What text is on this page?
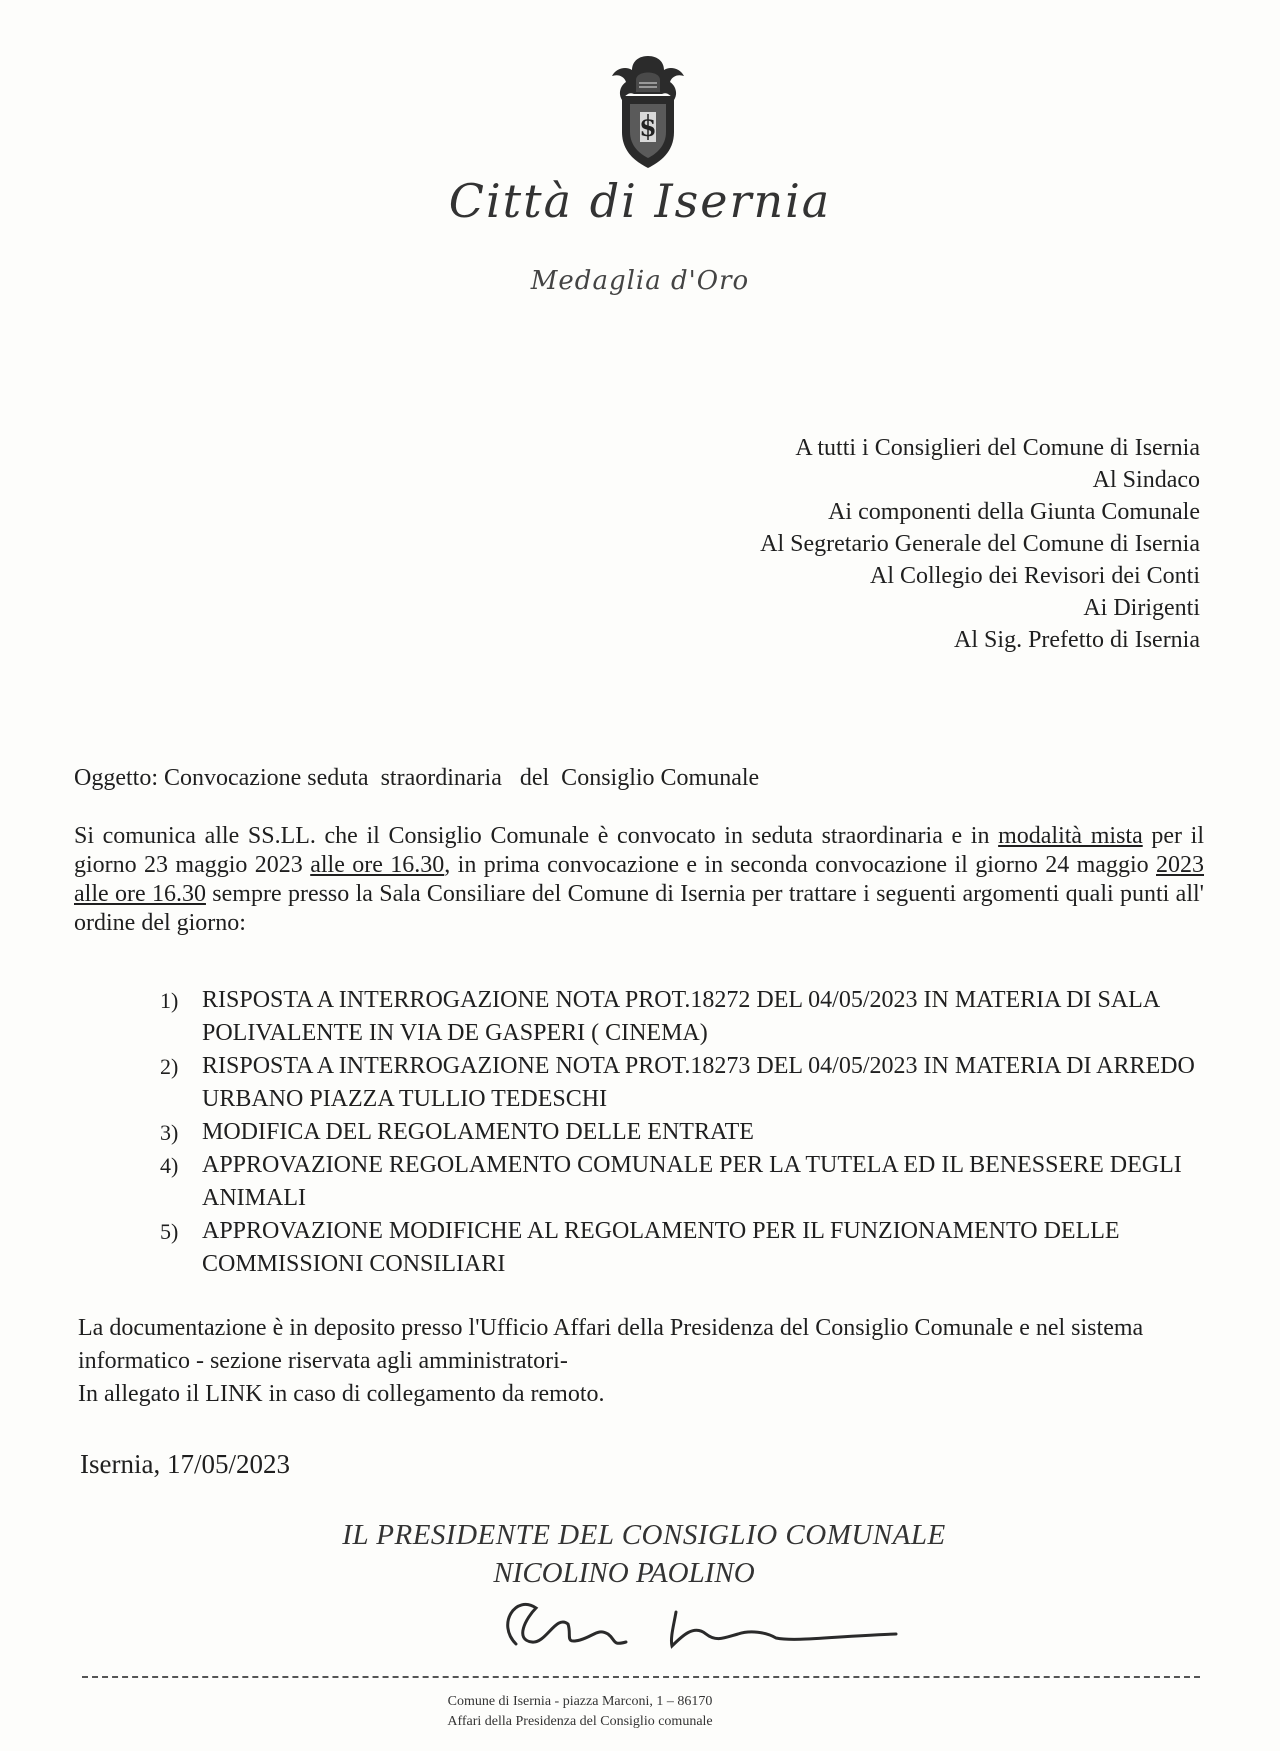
S
Città di Isernia
Medaglia d'Oro
A tutti i Consiglieri del Comune di Isernia
Al Sindaco
Ai componenti della Giunta Comunale
Al Segretario Generale del Comune di Isernia
Al Collegio dei Revisori dei Conti
Ai Dirigenti
Al Sig. Prefetto di Isernia
Oggetto: Convocazione seduta  straordinaria   del  Consiglio Comunale
Si comunica alle SS.LL. che il Consiglio Comunale è convocato in seduta straordinaria e in modalità mista per il giorno 23 maggio 2023 alle ore 16.30, in prima convocazione e in seconda convocazione il giorno 24 maggio 2023 alle ore 16.30 sempre presso la Sala Consiliare del Comune di Isernia per trattare i seguenti argomenti quali punti all' ordine del giorno:
1) RISPOSTA A INTERROGAZIONE NOTA PROT.18272 DEL 04/05/2023 IN MATERIA DI SALA POLIVALENTE IN VIA DE GASPERI ( CINEMA)
2) RISPOSTA A INTERROGAZIONE NOTA PROT.18273 DEL 04/05/2023 IN MATERIA DI ARREDO URBANO PIAZZA TULLIO TEDESCHI
3) MODIFICA DEL REGOLAMENTO DELLE ENTRATE
4) APPROVAZIONE REGOLAMENTO COMUNALE PER LA TUTELA ED IL BENESSERE DEGLI ANIMALI
5) APPROVAZIONE MODIFICHE AL REGOLAMENTO PER IL FUNZIONAMENTO DELLE COMMISSIONI CONSILIARI

La documentazione è in deposito presso l'Ufficio Affari della Presidenza del Consiglio Comunale e nel sistema informatico - sezione riservata agli amministratori-

In allegato il LINK in caso di collegamento da remoto.

Isernia, 17/05/2023
IL PRESIDENTE DEL CONSIGLIO COMUNALE
NICOLINO PAOLINO
Comune di Isernia - piazza Marconi, 1 – 86170
Affari della Presidenza del Consiglio comunale
